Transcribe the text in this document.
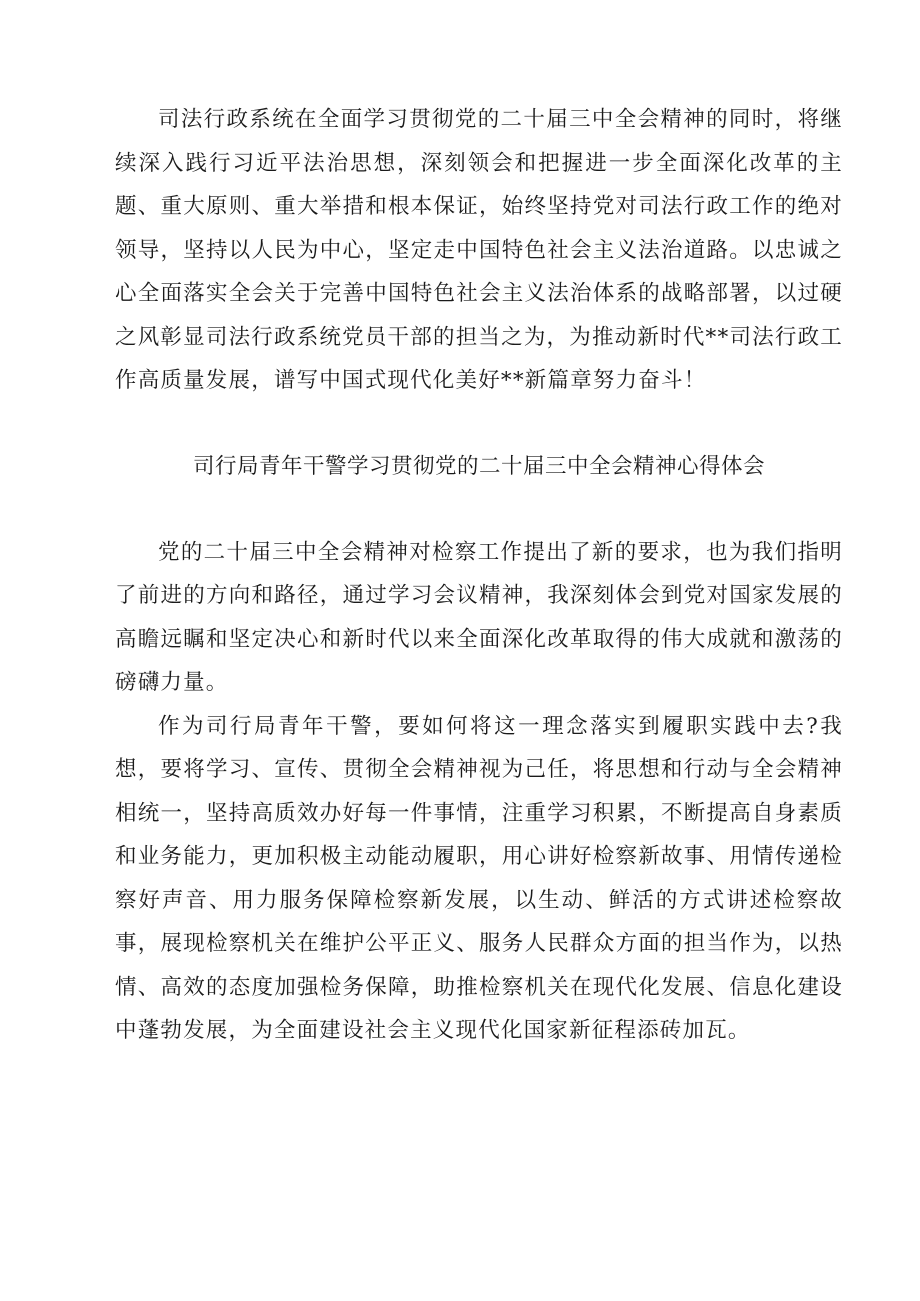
司法行政系统在全面学习贯彻党的二十届三中全会精神的同时，将继续深入践行习近平法治思想，深刻领会和把握进一步全面深化改革的主题、重大原则、重大举措和根本保证，始终坚持党对司法行政工作的绝对领导，坚持以人民为中心，坚定走中国特色社会主义法治道路。以忠诚之心全面落实全会关于完善中国特色社会主义法治体系的战略部署，以过硬之风彰显司法行政系统党员干部的担当之为，为推动新时代**司法行政工作高质量发展，谱写中国式现代化美好**新篇章努力奋斗！

司行局青年干警学习贯彻党的二十届三中全会精神心得体会

党的二十届三中全会精神对检察工作提出了新的要求，也为我们指明了前进的方向和路径，通过学习会议精神，我深刻体会到党对国家发展的高瞻远瞩和坚定决心和新时代以来全面深化改革取得的伟大成就和激荡的磅礴力量。

作为司行局青年干警，要如何将这一理念落实到履职实践中去?我想，要将学习、宣传、贯彻全会精神视为己任，将思想和行动与全会精神相统一，坚持高质效办好每一件事情，注重学习积累，不断提高自身素质和业务能力，更加积极主动能动履职，用心讲好检察新故事、用情传递检察好声音、用力服务保障检察新发展，以生动、鲜活的方式讲述检察故事，展现检察机关在维护公平正义、服务人民群众方面的担当作为，以热情、高效的态度加强检务保障，助推检察机关在现代化发展、信息化建设中蓬勃发展，为全面建设社会主义现代化国家新征程添砖加瓦。
